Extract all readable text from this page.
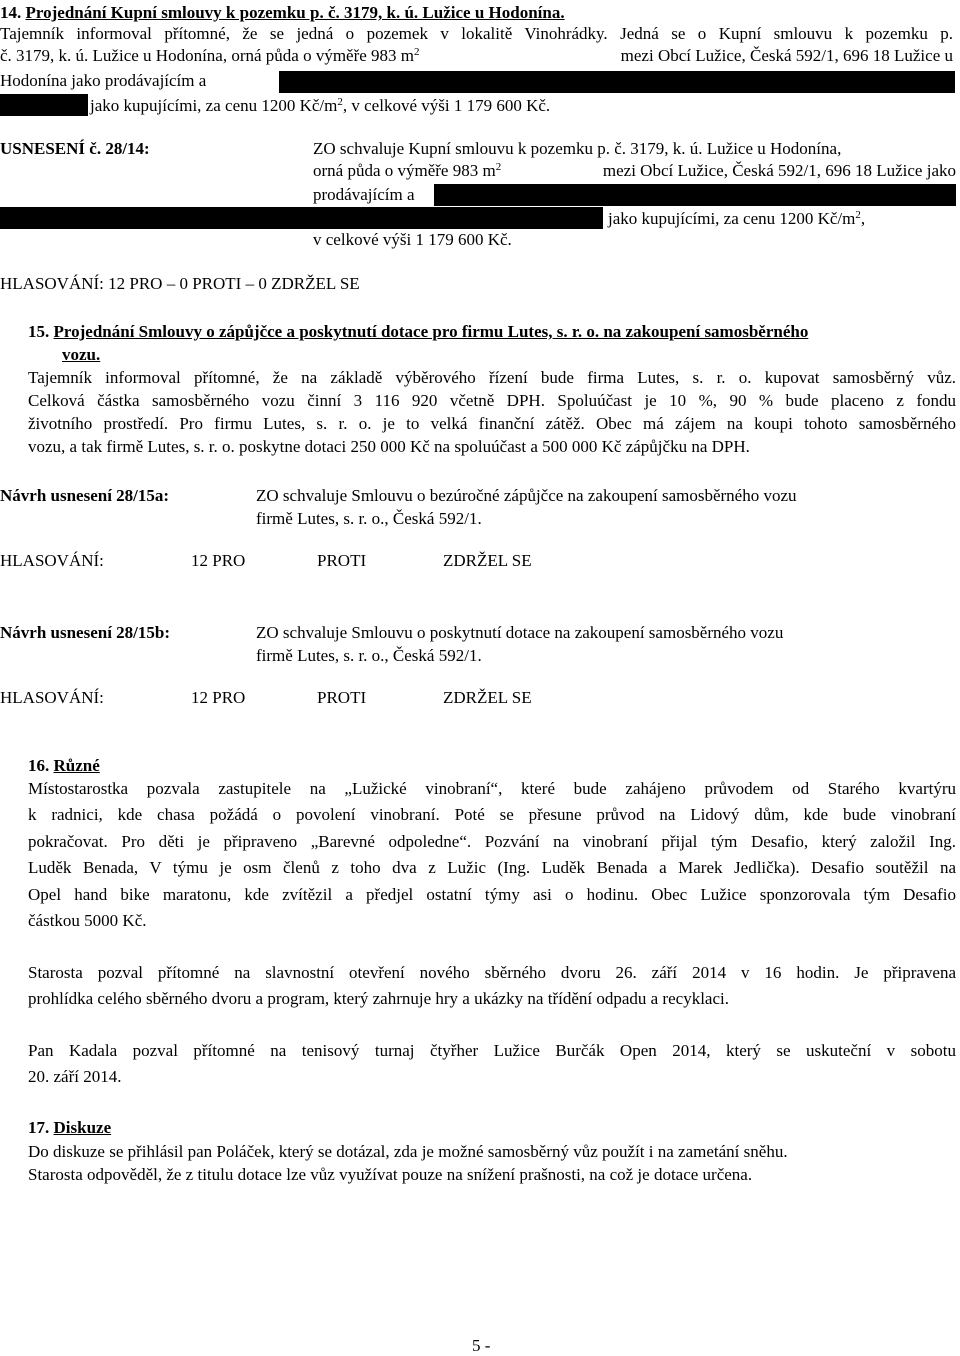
14. Projednání Kupní smlouvy k pozemku p. č. 3179, k. ú. Lužice u Hodonína.
Tajemník informoval přítomné, že se jedná o pozemek v lokalitě Vinohrádky. Jedná se o Kupní smlouvu k pozemku p.
č. 3179, k. ú. Lužice u Hodonína, orná půda o výměře 983 $m^2$	mezi Obcí Lužice, Česká 592/1, 696 18 Lužice u
Hodonína jako prodávajícím a
jako kupujícími, za cenu 1200 $Kč/m^2$, v celkové výši 1 179 600 Kč.
USNESENÍ č. 28/14:	ZO schvaluje Kupní smlouvu k pozemku p. č. 3179, k. ú. Lužice u Hodonína,
orná půda o výměře 983 $m^2$	mezi Obcí Lužice, Česká 592/1, 696 18 Lužice jako
prodávajícím a
jako kupujícími, za cenu 1200 $Kč/m^2$,
v celkové výši 1 179 600 Kč.
HLASOVÁNÍ: 12 PRO – 0 PROTI – 0 ZDRŽEL SE
15. Projednání Smlouvy o zápůjčce a poskytnutí dotace pro firmu Lutes, s. r. o. na zakoupení samosběrného
vozu.
Tajemník informoval přítomné, že na základě výběrového řízení bude firma Lutes, s. r. o. kupovat samosběrný vůz.
Celková částka samosběrného vozu činní 3 116 920 včetně DPH. Spoluúčast je 10 %, 90 % bude placeno z fondu
životního prostředí. Pro firmu Lutes, s. r. o. je to velká finanční zátěž. Obec má zájem na koupi tohoto samosběrného
vozu, a tak firmě Lutes, s. r. o. poskytne dotaci 250 000 Kč na spoluúčast a 500 000 Kč zápůjčku na DPH.
Návrh usnesení 28/15a:	ZO schvaluje Smlouvu o bezúročné zápůjčce na zakoupení samosběrného vozu
firmě Lutes, s. r. o., Česká 592/1.
HLASOVÁNÍ:	12 PRO	PROTI	ZDRŽEL SE
Návrh usnesení 28/15b:	ZO schvaluje Smlouvu o poskytnutí dotace na zakoupení samosběrného vozu
firmě Lutes, s. r. o., Česká 592/1.
HLASOVÁNÍ:	12 PRO	PROTI	ZDRŽEL SE
16. Různé
Místostarostka pozvala zastupitele na „Lužické vinobraní“, které bude zahájeno průvodem od Starého kvartýru
k radnici, kde chasa požádá o povolení vinobraní. Poté se přesune průvod na Lidový dům, kde bude vinobraní
pokračovat. Pro děti je připraveno „Barevné odpoledne“. Pozvání na vinobraní přijal tým Desafio, který založil Ing.
Luděk Benada, V týmu je osm členů z toho dva z Lužic (Ing. Luděk Benada a Marek Jedlička). Desafio soutěžil na
Opel hand bike maratonu, kde zvítězil a předjel ostatní týmy asi o hodinu. Obec Lužice sponzorovala tým Desafio
částkou 5000 Kč.
Starosta pozval přítomné na slavnostní otevření nového sběrného dvoru 26. září 2014 v 16 hodin. Je připravena
prohlídka celého sběrného dvoru a program, který zahrnuje hry a ukázky na třídění odpadu a recyklaci.
Pan Kadala pozval přítomné na tenisový turnaj čtyřher Lužice Burčák Open 2014, který se uskuteční v sobotu
20. září 2014.
17. Diskuze
Do diskuze se přihlásil pan Poláček, který se dotázal, zda je možné samosběrný vůz použít i na zametání sněhu.
Starosta odpověděl, že z titulu dotace lze vůz využívat pouze na snížení prašnosti, na což je dotace určena.
5 -
